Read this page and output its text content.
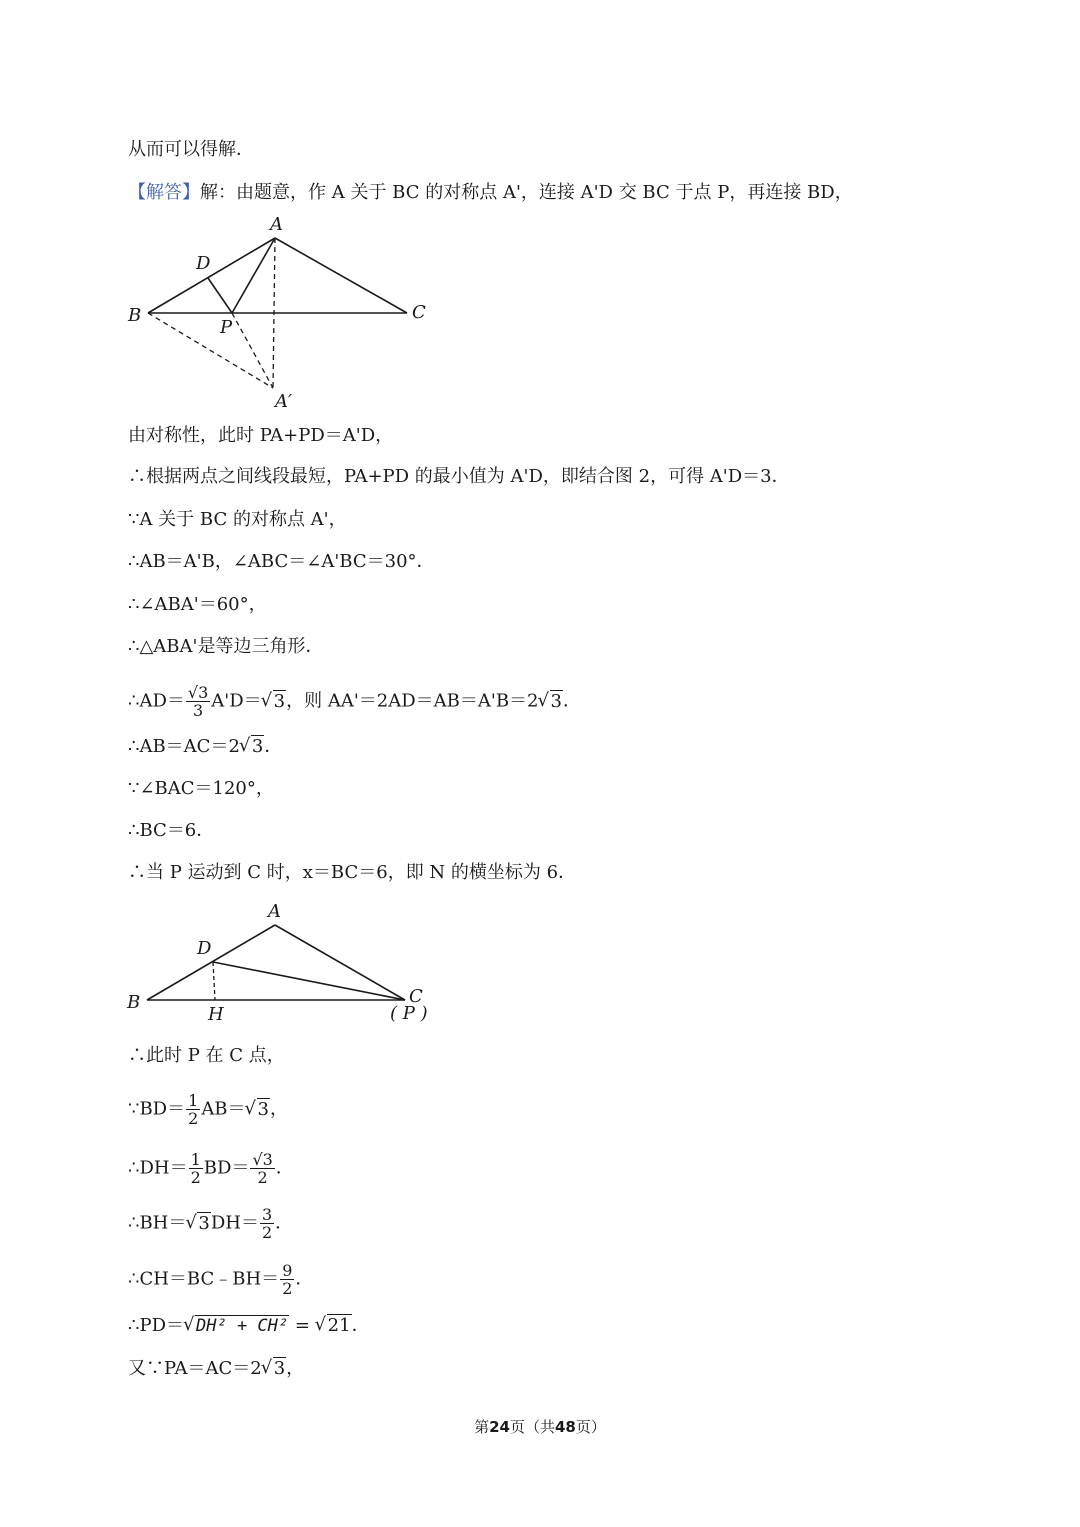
从而可以得解．
【解答】解：由题意，作 A 关于 BC 的对称点 A'，连接 A'D 交 BC 于点 P，再连接 BD，
A
D
B
P
C
A′
由对称性，此时 PA+PD＝A'D，
∴根据两点之间线段最短，PA+PD 的最小值为 A'D，即结合图 2，可得 A'D＝3．
∵A 关于 BC 的对称点 A'，
∴AB＝A'B，∠ABC＝∠A'BC＝30°．
∴∠ABA'＝60°，
∴△ABA'是等边三角形．
∴AD＝ $\frac{√3}{3} A'D=√$ 3，则 AA'＝2AD＝AB＝A'B＝2√ 3．
∴AB＝AC＝2√ 3．
∵∠BAC＝120°，
∴BC＝6．
∴当 P 运动到 C 时，x＝BC＝6，即 N 的横坐标为 6．
A
D
B
H
C
( P )
∴此时 P 在 C 点，
∵BD＝ $\frac{1}{2} AB=√$ 3，
∴DH＝ $\frac{1}{2} BD= \frac{√3}{2}$ ．
∴BH＝√ $3DH= \frac{3}{2}$ ．
∴CH＝BC﹣BH＝ $\frac{9}{2}$ ．
∴PD＝√ DH² + CH² = √ 21．
又∵PA＝AC＝2√ 3，
第24页（共48页）
